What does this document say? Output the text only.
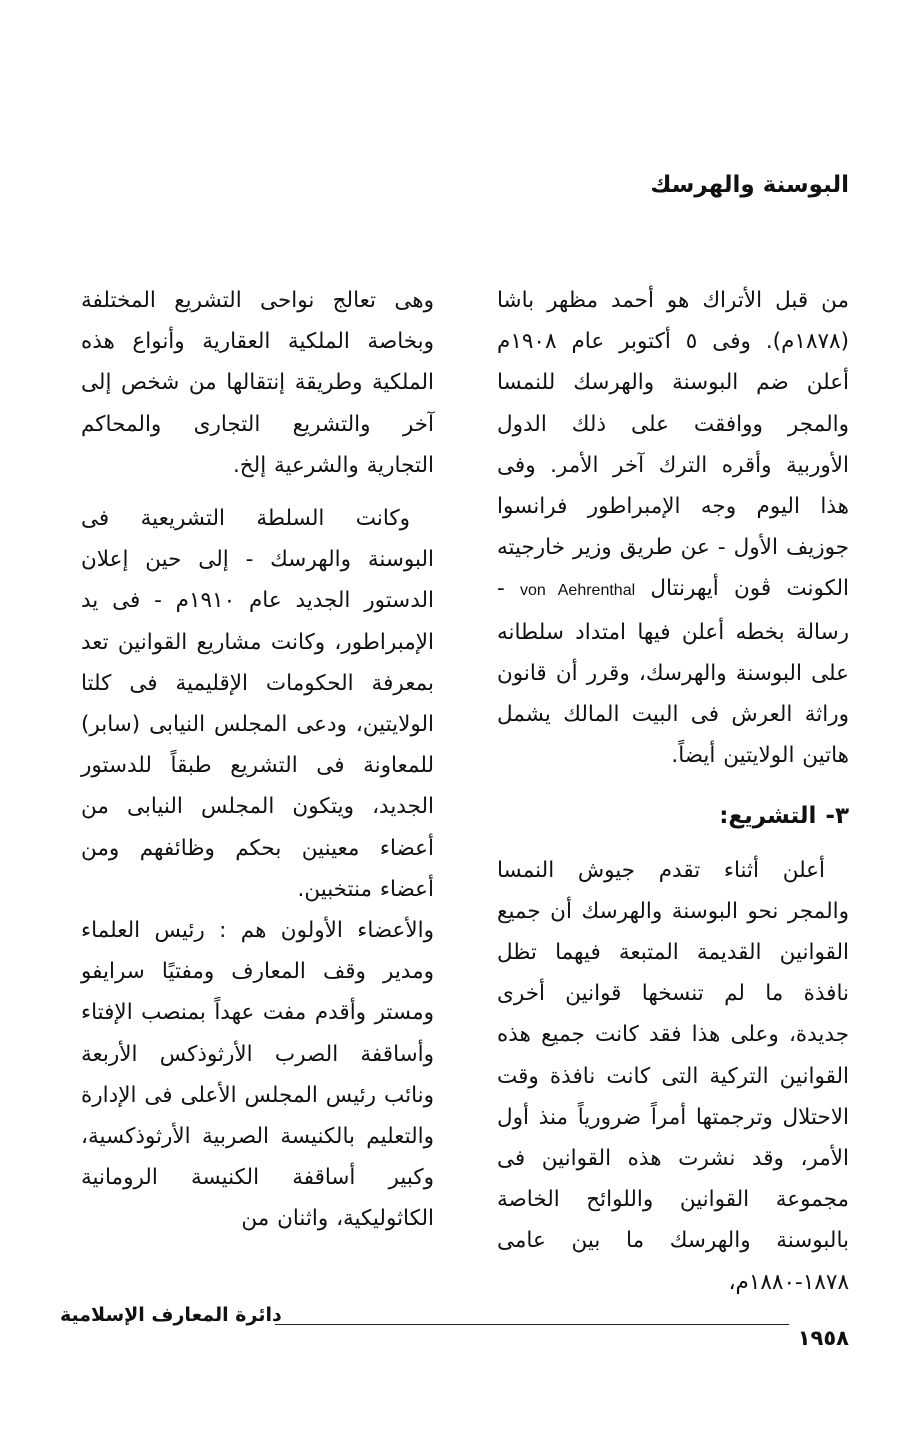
البوسنة والهرسك

من قبل الأتراك هو أحمد مظهر باشا (١٨٧٨م). وفى ٥ أكتوبر عام ١٩٠٨م أعلن ضم البوسنة والهرسك للنمسا والمجر ووافقت على ذلك الدول الأوربية وأقره الترك آخر الأمر. وفى هذا اليوم وجه الإمبراطور فرانسوا جوزيف الأول - عن طريق وزير خارجيته الكونت ڤون أيهرنتال von Aehrenthal - رسالة بخطه أعلن فيها امتداد سلطانه على البوسنة والهرسك، وقرر أن قانون وراثة العرش فى البيت المالك يشمل هاتين الولايتين أيضاً.

٣- التشريع:

أعلن أثناء تقدم جيوش النمسا والمجر نحو البوسنة والهرسك أن جميع القوانين القديمة المتبعة فيهما تظل نافذة ما لم تنسخها قوانين أخرى جديدة، وعلى هذا فقد كانت جميع هذه القوانين التركية التى كانت نافذة وقت الاحتلال وترجمتها أمراً ضرورياً منذ أول الأمر، وقد نشرت هذه القوانين فى مجموعة القوانين واللوائح الخاصة بالبوسنة والهرسك ما بين عامى ١٨٧٨-١٨٨٠م،

وهى تعالج نواحى التشريع المختلفة وبخاصة الملكية العقارية وأنواع هذه الملكية وطريقة إنتقالها من شخص إلى آخر والتشريع التجارى والمحاكم التجارية والشرعية إلخ.

وكانت السلطة التشريعية فى البوسنة والهرسك - إلى حين إعلان الدستور الجديد عام ١٩١٠م - فى يد الإمبراطور، وكانت مشاريع القوانين تعد بمعرفة الحكومات الإقليمية فى كلتا الولايتين، ودعى المجلس النيابى (سابر) للمعاونة فى التشريع طبقاً للدستور الجديد، ويتكون المجلس النيابى من أعضاء معينين بحكم وظائفهم ومن أعضاء منتخبين.

والأعضاء الأولون هم : رئيس العلماء ومدير وقف المعارف ومفتيًا سرايفو ومستر وأقدم مفت عهداً بمنصب الإفتاء وأساقفة الصرب الأرثوذكس الأربعة ونائب رئيس المجلس الأعلى فى الإدارة والتعليم بالكنيسة الصربية الأرثوذكسية، وكبير أساقفة الكنيسة الرومانية الكاثوليكية، واثنان من

دائرة المعارف الإسلامية

١٩٥٨
